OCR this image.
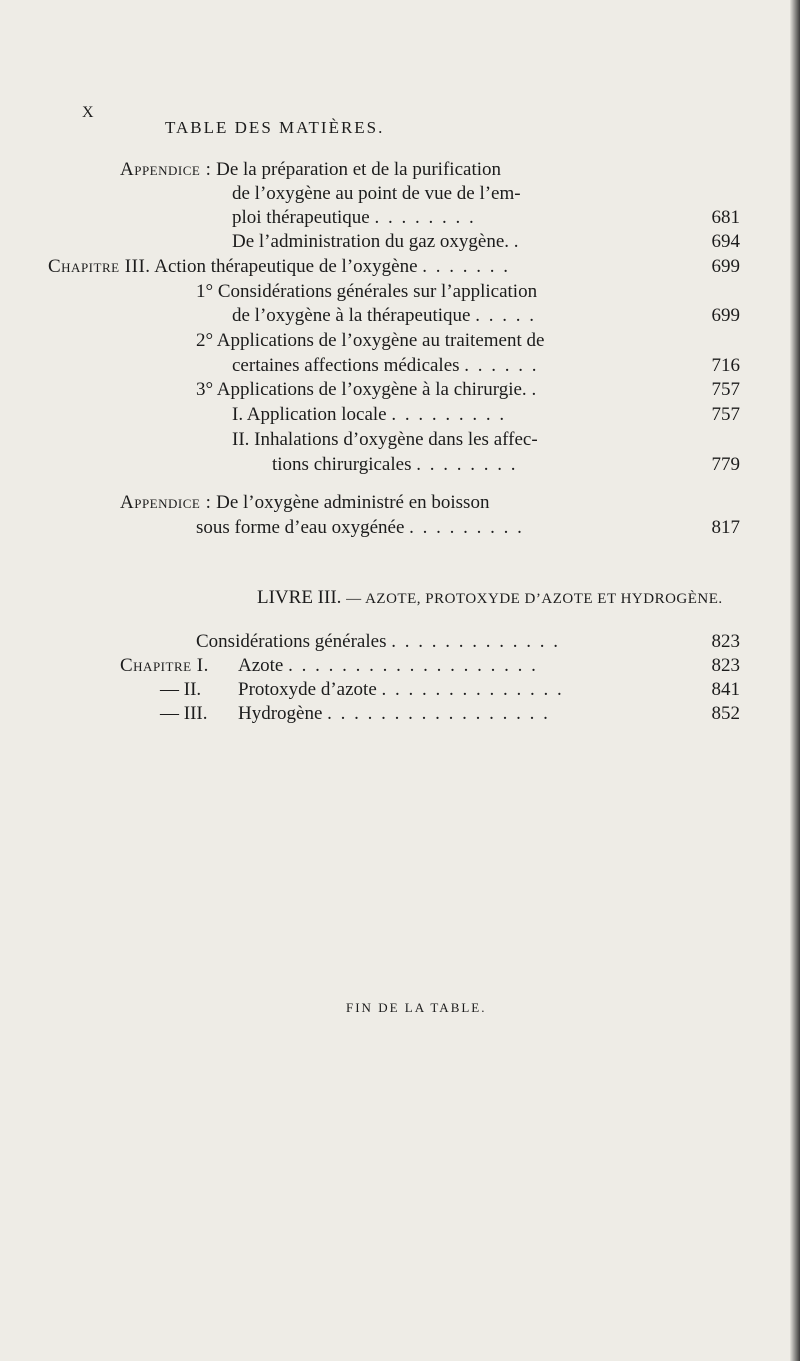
X
TABLE DES MATIÈRES.
Appendice : De la préparation et de la purification
de l’oxygène au point de vue de l’em-
ploi thérapeutique . . . . . . . .	681
De l’administration du gaz oxygène. .	694
Chapitre III. Action thérapeutique de l’oxygène . . . . . . .	699
1° Considérations générales sur l’application
de l’oxygène à la thérapeutique . . . . .	699
2° Applications de l’oxygène au traitement de
certaines affections médicales . . . . . .	716
3° Applications de l’oxygène à la chirurgie. .	757
I. Application locale . . . . . . . . .	757
II. Inhalations d’oxygène dans les affec-
tions chirurgicales . . . . . . . .	779
Appendice : De l’oxygène administré en boisson
sous forme d’eau oxygénée . . . . . . . . .	817
LIVRE III. — AZOTE, PROTOXYDE D’AZOTE ET HYDROGÈNE.
Considérations générales . . . . . . . . . . . . .	823
Chapitre I. Azote . . . . . . . . . . . . . . . . . . .	823
— II. Protoxyde d’azote . . . . . . . . . . . . . .	841
— III. Hydrogène . . . . . . . . . . . . . . . . .	852
FIN DE LA TABLE.
